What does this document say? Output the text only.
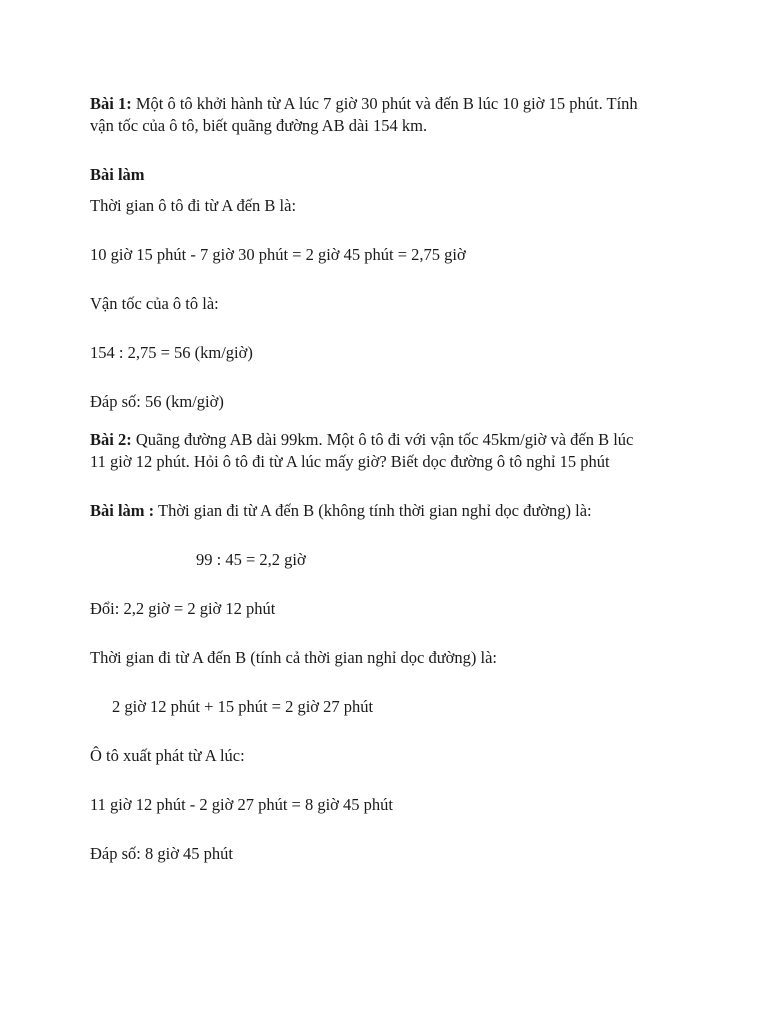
Bài 1: Một ô tô khởi hành từ A lúc 7 giờ 30 phút và đến B lúc 10 giờ 15 phút. Tính
vận tốc của ô tô, biết quãng đường AB dài 154 km.
Bài làm
Thời gian ô tô đi từ A đến B là:
10 giờ 15 phút - 7 giờ 30 phút = 2 giờ 45 phút = 2,75 giờ
Vận tốc của ô tô là:
154 : 2,75 = 56 (km/giờ)
Đáp số: 56 (km/giờ)
Bài 2: Quãng đường AB dài 99km. Một ô tô đi với vận tốc 45km/giờ và đến B lúc
11 giờ 12 phút. Hỏi ô tô đi từ A lúc mấy giờ? Biết dọc đường ô tô nghỉ 15 phút
Bài làm : Thời gian đi từ A đến B (không tính thời gian nghỉ dọc đường) là:
99 : 45 = 2,2 giờ
Đổi: 2,2 giờ = 2 giờ 12 phút
Thời gian đi từ A đến B (tính cả thời gian nghỉ dọc đường) là:
2 giờ 12 phút + 15 phút = 2 giờ 27 phút
Ô tô xuất phát từ A lúc:
11 giờ 12 phút - 2 giờ 27 phút = 8 giờ 45 phút
Đáp số: 8 giờ 45 phút
